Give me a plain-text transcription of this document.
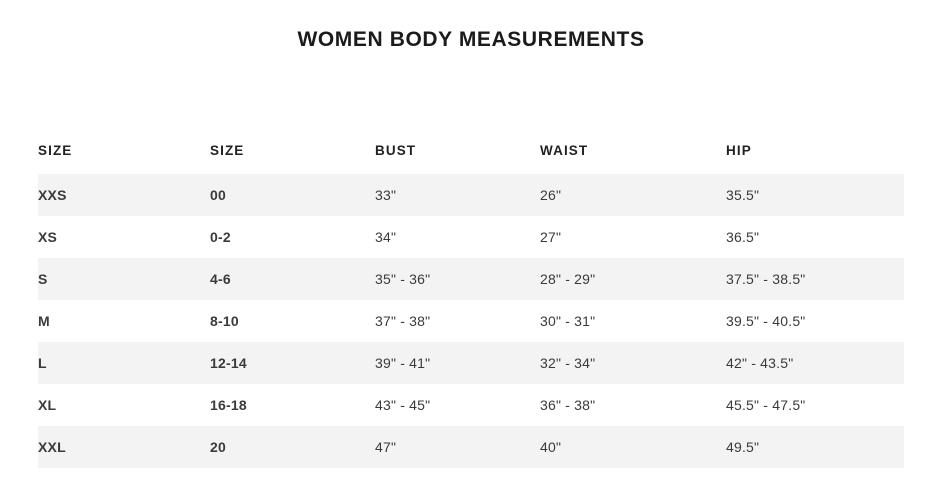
WOMEN BODY MEASUREMENTS
SIZE	SIZE	BUST	WAIST	HIP
XXS	00	33"	26"	35.5"
XS	0-2	34"	27"	36.5"
S	4-6	35" - 36"	28" - 29"	37.5" - 38.5"
M	8-10	37" - 38"	30" - 31"	39.5" - 40.5"
L	12-14	39" - 41"	32" - 34"	42" - 43.5"
XL	16-18	43" - 45"	36" - 38"	45.5" - 47.5"
XXL	20	47"	40"	49.5"
